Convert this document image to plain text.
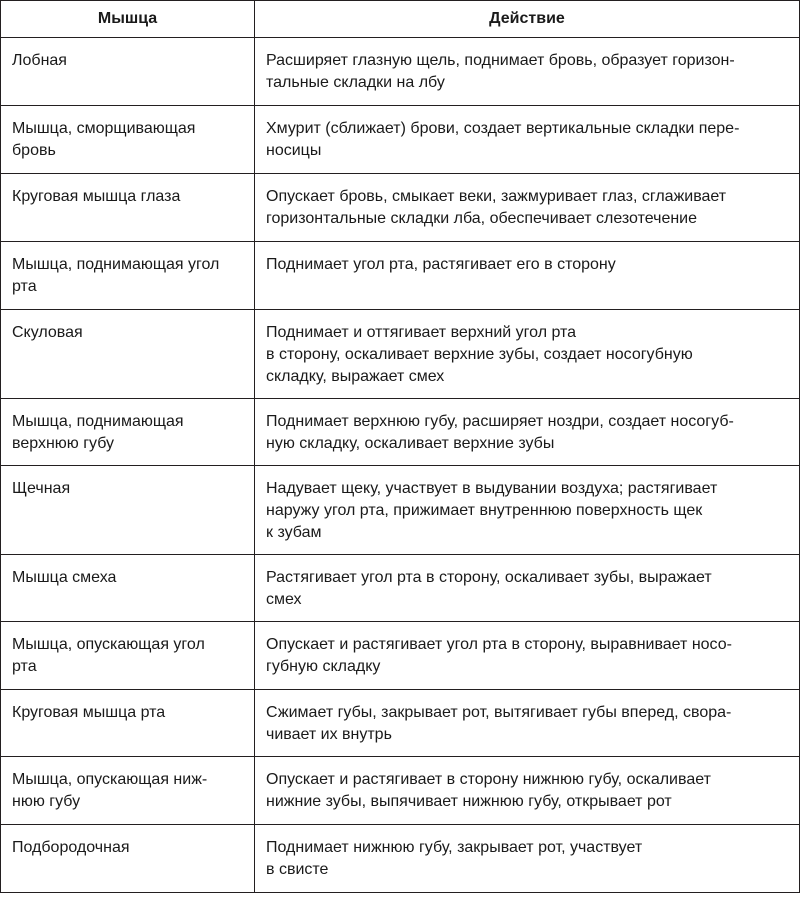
Мышца	Действие

Лобная	Расширяет глазную щель, поднимает бровь, образует горизон-
тальные складки на лбу

Мышца, сморщивающая
бровь	Хмурит (сближает) брови, создает вертикальные складки пере-
носицы

Круговая мышца глаза	Опускает бровь, смыкает веки, зажмуривает глаз, сглаживает
горизонтальные складки лба, обеспечивает слезотечение

Мышца, поднимающая угол
рта	Поднимает угол рта, растягивает его в сторону

Скуловая	Поднимает и оттягивает верхний угол рта
в сторону, оскаливает верхние зубы, создает носогубную
складку, выражает смех

Мышца, поднимающая
верхнюю губу	Поднимает верхнюю губу, расширяет ноздри, создает носогуб-
ную складку, оскаливает верхние зубы

Щечная	Надувает щеку, участвует в выдувании воздуха; растягивает
наружу угол рта, прижимает внутреннюю поверхность щек
к зубам

Мышца смеха	Растягивает угол рта в сторону, оскаливает зубы, выражает
смех

Мышца, опускающая угол
рта	Опускает и растягивает угол рта в сторону, выравнивает носо-
губную складку

Круговая мышца рта	Сжимает губы, закрывает рот, вытягивает губы вперед, свора-
чивает их внутрь

Мышца, опускающая ниж-
нюю губу	Опускает и растягивает в сторону нижнюю губу, оскаливает
нижние зубы, выпячивает нижнюю губу, открывает рот

Подбородочная	Поднимает нижнюю губу, закрывает рот, участвует
в свисте
